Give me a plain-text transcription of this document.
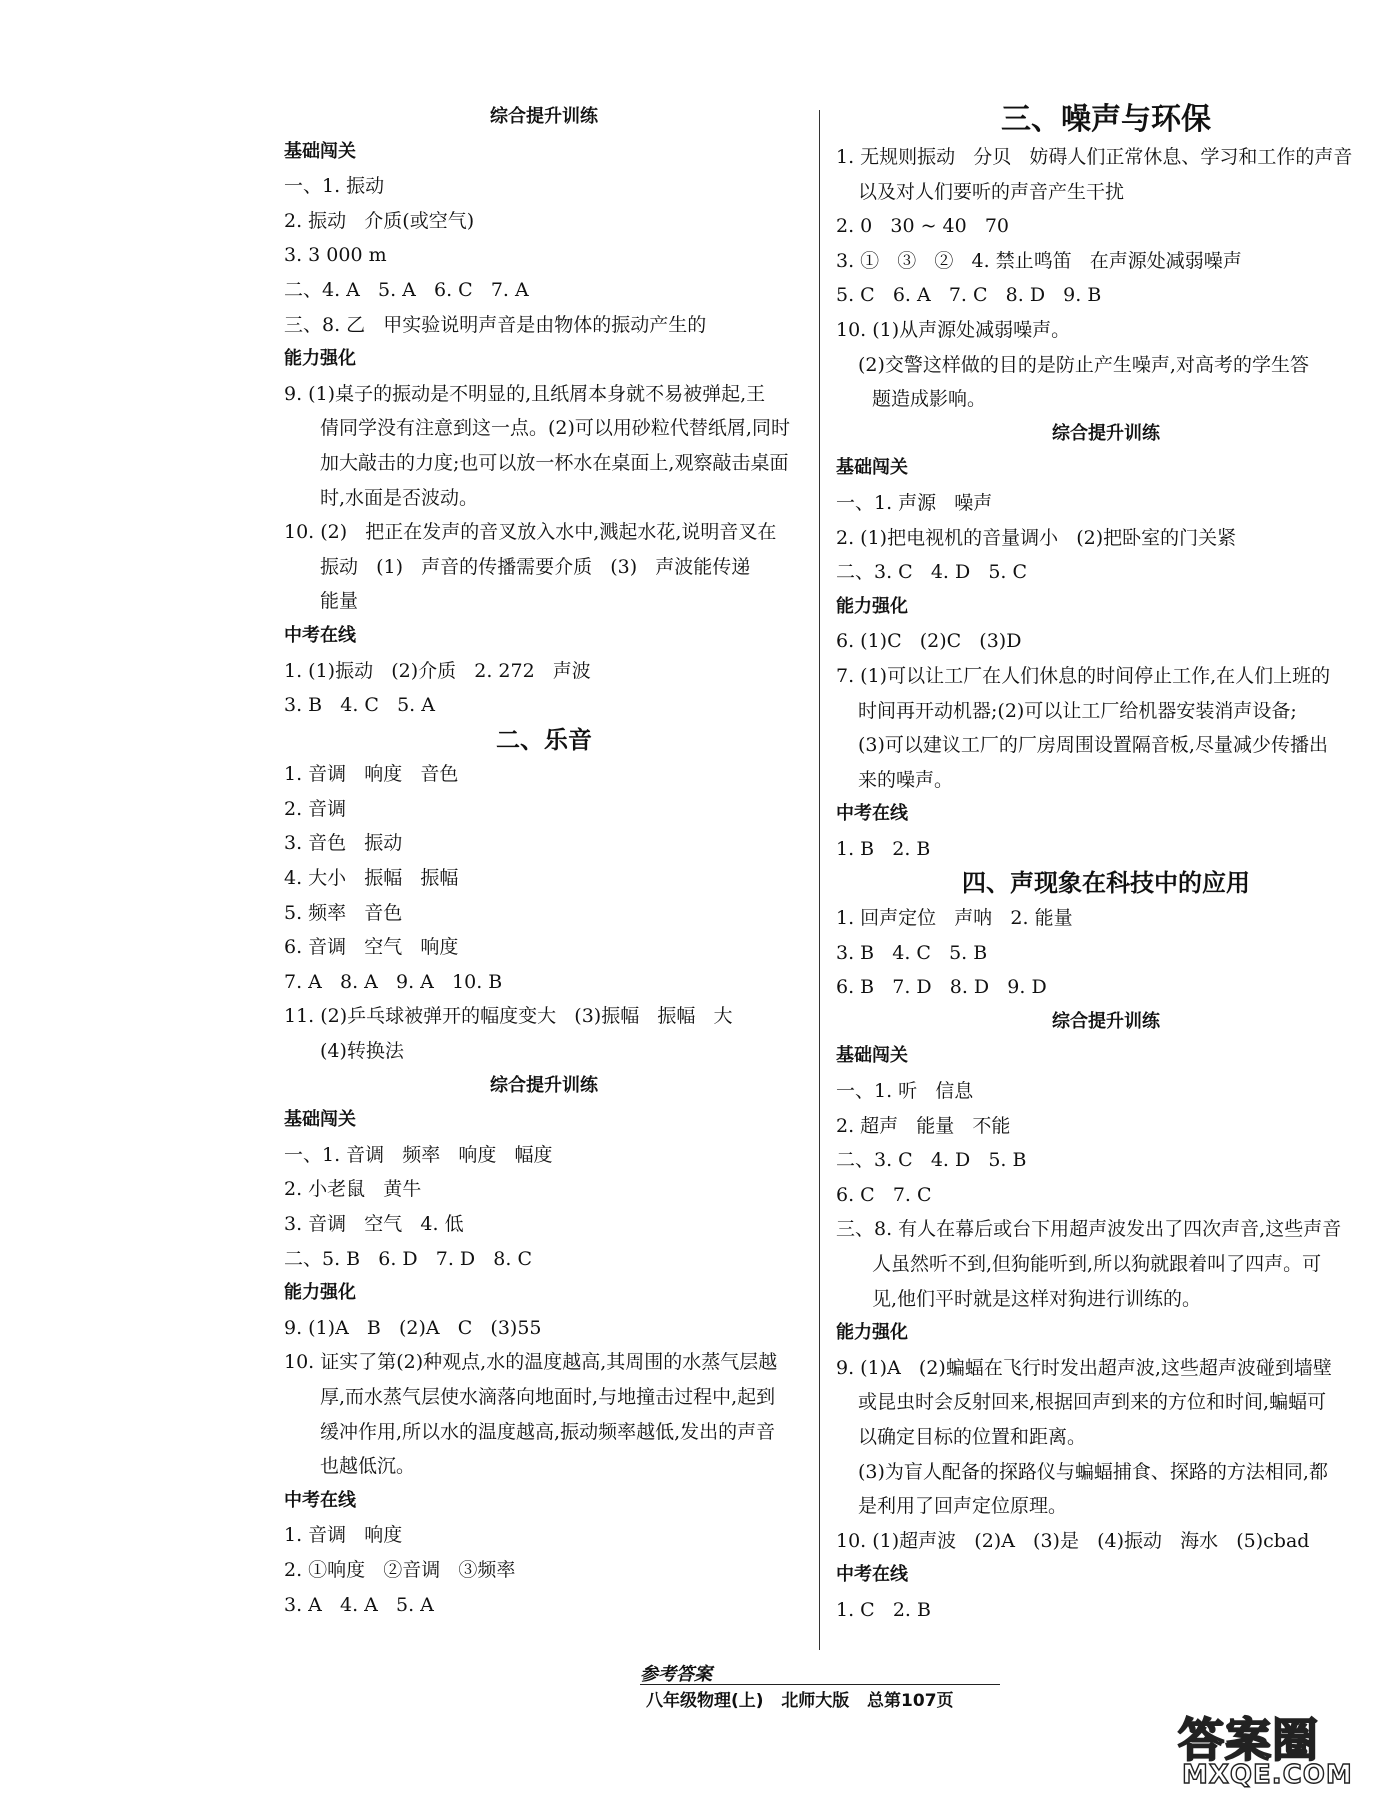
综合提升训练
基础闯关
一、1. 振动
2. 振动   介质(或空气)
3. 3 000 m
二、4. A   5. A   6. C   7. A
三、8. 乙   甲实验说明声音是由物体的振动产生的
能力强化
9. (1)桌子的振动是不明显的,且纸屑本身就不易被弹起,王
倩同学没有注意到这一点。(2)可以用砂粒代替纸屑,同时
加大敲击的力度;也可以放一杯水在桌面上,观察敲击桌面
时,水面是否波动。
10. (2)   把正在发声的音叉放入水中,溅起水花,说明音叉在
振动   (1)   声音的传播需要介质   (3)   声波能传递
能量
中考在线
1. (1)振动   (2)介质   2. 272   声波
3. B   4. C   5. A
二、乐音
1. 音调   响度   音色
2. 音调
3. 音色   振动
4. 大小   振幅   振幅
5. 频率   音色
6. 音调   空气   响度
7. A   8. A   9. A   10. B
11. (2)乒乓球被弹开的幅度变大   (3)振幅   振幅   大
(4)转换法
综合提升训练
基础闯关
一、1. 音调   频率   响度   幅度
2. 小老鼠   黄牛
3. 音调   空气   4. 低
二、5. B   6. D   7. D   8. C
能力强化
9. (1)A   B   (2)A   C   (3)55
10. 证实了第(2)种观点,水的温度越高,其周围的水蒸气层越
厚,而水蒸气层使水滴落向地面时,与地撞击过程中,起到
缓冲作用,所以水的温度越高,振动频率越低,发出的声音
也越低沉。
中考在线
1. 音调   响度
2. ①响度   ②音调   ③频率
3. A   4. A   5. A
三、噪声与环保
1. 无规则振动   分贝   妨碍人们正常休息、学习和工作的声音
以及对人们要听的声音产生干扰
2. 0   30 ~ 40   70
3. ①   ③   ②   4. 禁止鸣笛   在声源处减弱噪声
5. C   6. A   7. C   8. D   9. B
10. (1)从声源处减弱噪声。
(2)交警这样做的目的是防止产生噪声,对高考的学生答
题造成影响。
综合提升训练
基础闯关
一、1. 声源   噪声
2. (1)把电视机的音量调小   (2)把卧室的门关紧
二、3. C   4. D   5. C
能力强化
6. (1)C   (2)C   (3)D
7. (1)可以让工厂在人们休息的时间停止工作,在人们上班的
时间再开动机器;(2)可以让工厂给机器安装消声设备;
(3)可以建议工厂的厂房周围设置隔音板,尽量减少传播出
来的噪声。
中考在线
1. B   2. B
四、声现象在科技中的应用
1. 回声定位   声呐   2. 能量
3. B   4. C   5. B
6. B   7. D   8. D   9. D
综合提升训练
基础闯关
一、1. 听   信息
2. 超声   能量   不能
二、3. C   4. D   5. B
6. C   7. C
三、8. 有人在幕后或台下用超声波发出了四次声音,这些声音
人虽然听不到,但狗能听到,所以狗就跟着叫了四声。可
见,他们平时就是这样对狗进行训练的。
能力强化
9. (1)A   (2)蝙蝠在飞行时发出超声波,这些超声波碰到墙壁
或昆虫时会反射回来,根据回声到来的方位和时间,蝙蝠可
以确定目标的位置和距离。
(3)为盲人配备的探路仪与蝙蝠捕食、探路的方法相同,都
是利用了回声定位原理。
10. (1)超声波   (2)A   (3)是   (4)振动   海水   (5)cbad
中考在线
1. C   2. B
参考答案
八年级物理(上)   北师大版   总第107页
答案圈
MXQE.COM
